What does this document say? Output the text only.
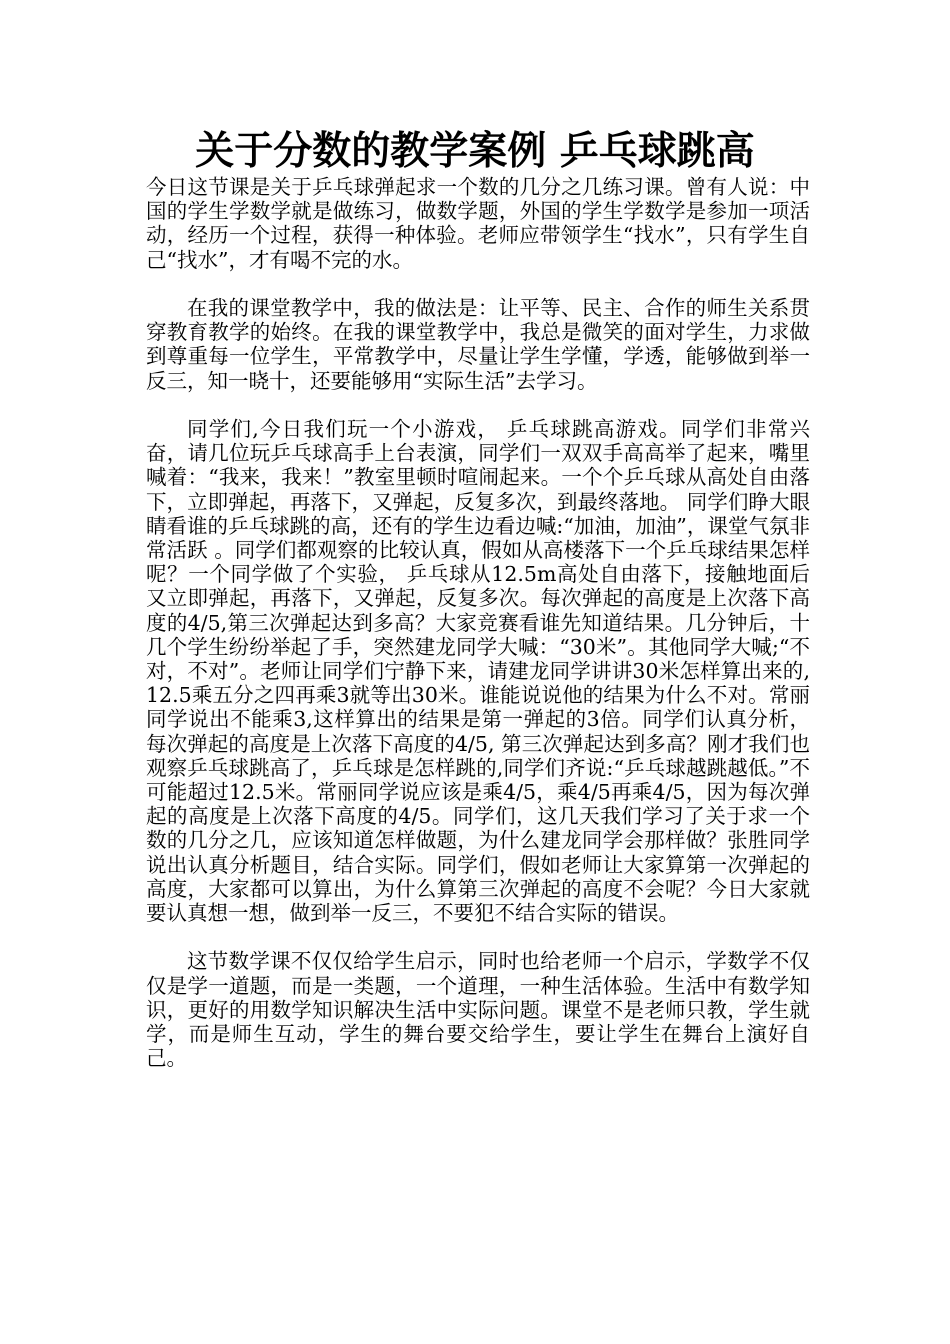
关于分数的教学案例 乒乓球跳高

今日这节课是关于乒乓球弹起求一个数的几分之几练习课。曾有人说：中国的学生学数学就是做练习，做数学题，外国的学生学数学是参加一项活动，经历一个过程，获得一种体验。老师应带领学生“找水”，只有学生自己“找水”，才有喝不完的水。

在我的课堂教学中，我的做法是：让平等、民主、合作的师生关系贯穿教育教学的始终。在我的课堂教学中，我总是微笑的面对学生，力求做到尊重每一位学生，平常教学中，尽量让学生学懂，学透，能够做到举一反三，知一晓十，还要能够用“实际生活”去学习。

同学们,今日我们玩一个小游戏， 乒乓球跳高游戏。同学们非常兴奋，请几位玩乒乓球高手上台表演，同学们一双双手高高举了起来，嘴里喊着：“我来，我来！”教室里顿时喧闹起来。一个个乒乓球从高处自由落下，立即弹起，再落下，又弹起，反复多次，到最终落地。 同学们睁大眼睛看谁的乒乓球跳的高，还有的学生边看边喊:“加油，加油”，课堂气氛非常活跃 。同学们都观察的比较认真，假如从高楼落下一个乒乓球结果怎样呢？一个同学做了个实验， 乒乓球从12.5m高处自由落下，接触地面后又立即弹起，再落下，又弹起，反复多次。每次弹起的高度是上次落下高度的4/5,第三次弹起达到多高？大家竞赛看谁先知道结果。几分钟后，十几个学生纷纷举起了手，突然建龙同学大喊：“30米”。其他同学大喊;“不对，不对”。老师让同学们宁静下来，请建龙同学讲讲30米怎样算出来的,12.5乘五分之四再乘3就等出30米。谁能说说他的结果为什么不对。常丽同学说出不能乘3,这样算出的结果是第一弹起的3倍。同学们认真分析，每次弹起的高度是上次落下高度的4/5, 第三次弹起达到多高？刚才我们也观察乒乓球跳高了，乒乓球是怎样跳的,同学们齐说:“乒乓球越跳越低。”不可能超过12.5米。常丽同学说应该是乘4/5，乘4/5再乘4/5，因为每次弹起的高度是上次落下高度的4/5。同学们，这几天我们学习了关于求一个数的几分之几，应该知道怎样做题，为什么建龙同学会那样做？张胜同学说出认真分析题目，结合实际。同学们，假如老师让大家算第一次弹起的高度，大家都可以算出，为什么算第三次弹起的高度不会呢？今日大家就要认真想一想，做到举一反三，不要犯不结合实际的错误。

这节数学课不仅仅给学生启示，同时也给老师一个启示，学数学不仅仅是学一道题，而是一类题，一个道理，一种生活体验。生活中有数学知识，更好的用数学知识解决生活中实际问题。课堂不是老师只教，学生就学，而是师生互动，学生的舞台要交给学生，要让学生在舞台上演好自己。
